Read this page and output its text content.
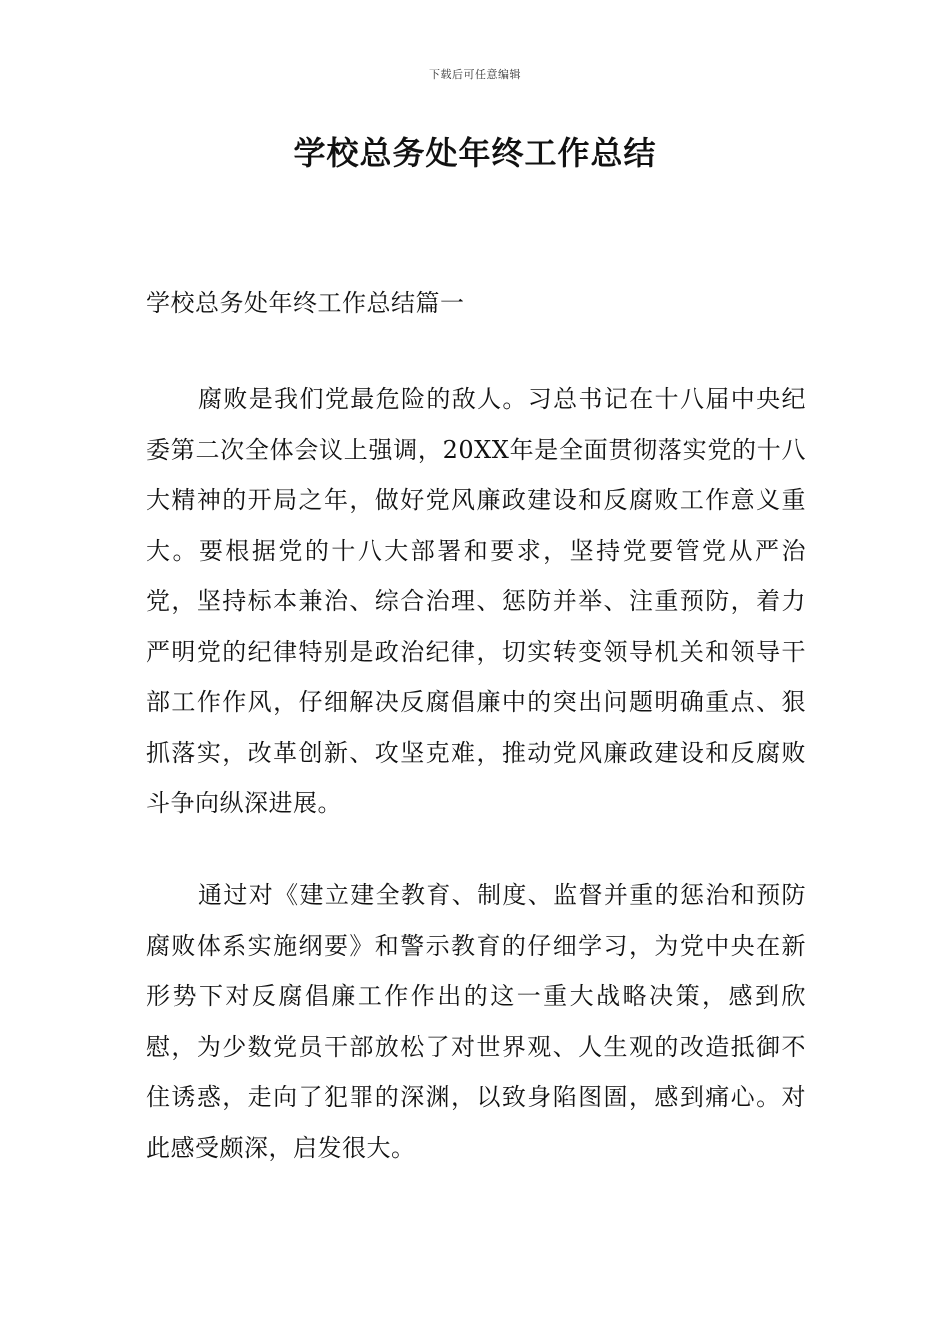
下载后可任意编辑
学校总务处年终工作总结
学校总务处年终工作总结篇一

腐败是我们党最危险的敌人。习总书记在十八届中央纪委第二次全体会议上强调，20XX年是全面贯彻落实党的十八大精神的开局之年，做好党风廉政建设和反腐败工作意义重大。要根据党的十八大部署和要求，坚持党要管党从严治党，坚持标本兼治、综合治理、惩防并举、注重预防，着力严明党的纪律特别是政治纪律，切实转变领导机关和领导干部工作作风，仔细解决反腐倡廉中的突出问题明确重点、狠抓落实，改革创新、攻坚克难，推动党风廉政建设和反腐败斗争向纵深进展。

通过对《建立建全教育、制度、监督并重的惩治和预防腐败体系实施纲要》和警示教育的仔细学习，为党中央在新形势下对反腐倡廉工作作出的这一重大战略决策，感到欣慰，为少数党员干部放松了对世界观、人生观的改造抵御不住诱惑，走向了犯罪的深渊，以致身陷图圄，感到痛心。对此感受颇深，启发很大。
